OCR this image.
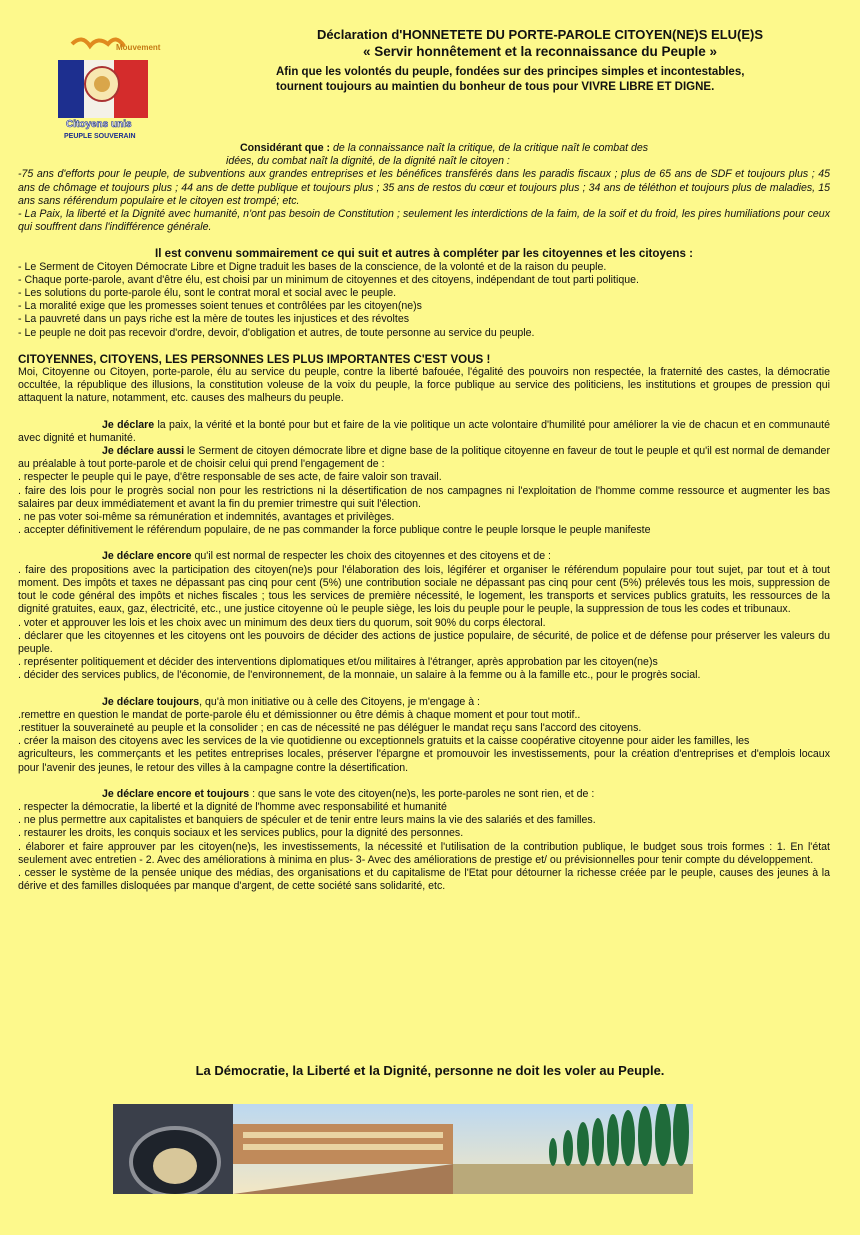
Mouvement
Citoyens unis
PEUPLE SOUVERAIN
Déclaration d'HONNETETE DU PORTE-PAROLE CITOYEN(NE)S ELU(E)S
« Servir honnêtement et la reconnaissance du Peuple »
Afin que les volontés du peuple, fondées sur des principes simples et incontestables,
tournent toujours au maintien du bonheur de tous pour VIVRE LIBRE ET DIGNE.

Considérant que : de la connaissance naît la critique, de la critique naît le combat des

idées, du combat naît la dignité, de la dignité naît le citoyen :

-75 ans d'efforts pour le peuple, de subventions aux grandes entreprises et les bénéfices transférés dans les paradis fiscaux ; plus de 65 ans de SDF et toujours plus ; 45 ans de chômage et toujours plus ; 44 ans de dette publique et toujours plus ; 35 ans de restos du cœur et toujours plus ; 34 ans de téléthon et toujours plus de maladies, 15 ans sans référendum populaire et le citoyen est trompé; etc.

- La Paix, la liberté et la Dignité avec humanité, n'ont pas besoin de Constitution ; seulement les interdictions de la faim, de la soif et du froid, les pires humiliations pour ceux qui souffrent dans l'indifférence générale.

Il est convenu sommairement ce qui suit et autres à compléter par les citoyennes et les citoyens :

- Le Serment de Citoyen Démocrate Libre et Digne traduit les bases de la conscience, de la volonté et de la raison du peuple.

- Chaque porte-parole, avant d'être élu, est choisi par un minimum de citoyennes et des citoyens, indépendant de tout parti politique.

- Les solutions du porte-parole élu, sont le contrat moral et social avec le peuple.

- La moralité exige que les promesses soient tenues et contrôlées par les citoyen(ne)s

- La pauvreté dans un pays riche est la mère de toutes les injustices et des révoltes

- Le peuple ne doit pas recevoir d'ordre, devoir, d'obligation et autres, de toute personne au service du peuple.

CITOYENNES, CITOYENS, LES PERSONNES LES PLUS IMPORTANTES C'EST VOUS !

Moi, Citoyenne ou Citoyen, porte-parole, élu au service du peuple, contre la liberté bafouée, l'égalité des pouvoirs non respectée, la fraternité des castes, la démocratie occultée, la république des illusions, la constitution voleuse de la voix du peuple, la force publique au service des politiciens, les institutions et groupes de pression qui attaquent la nature, notamment, etc. causes des malheurs du peuple.

Je déclare la paix, la vérité et la bonté pour but et faire de la vie politique un acte volontaire d'humilité pour améliorer la vie de chacun et en communauté avec dignité et humanité.

Je déclare aussi le Serment de citoyen démocrate libre et digne base de la politique citoyenne en faveur de tout le peuple et qu'il est normal de demander au préalable à tout porte-parole et de choisir celui qui prend l'engagement de :

. respecter le peuple qui le paye, d'être responsable de ses acte, de faire valoir son travail.

. faire des lois pour le progrès social non pour les restrictions ni la désertification de nos campagnes ni l'exploitation de l'homme comme ressource et augmenter les bas salaires par deux immédiatement et avant la fin du premier trimestre qui suit l'élection.

. ne pas voter soi-même sa rémunération et indemnités, avantages et privilèges.

. accepter définitivement le référendum populaire, de ne pas commander la force publique contre le peuple lorsque le peuple manifeste

Je déclare encore qu'il est normal de respecter les choix des citoyennes et des citoyens et de :

. faire des propositions avec la participation des citoyen(ne)s pour l'élaboration des lois, légiférer et organiser le référendum populaire pour tout sujet, par tout et à tout moment. Des impôts et taxes ne dépassant pas cinq pour cent (5%) une contribution sociale ne dépassant pas cinq pour cent (5%) prélevés tous les mois, suppression de tout le code général des impôts et niches fiscales ; tous les services de première nécessité, le logement, les transports et services publics gratuits, les ressources de la dignité gratuites, eaux, gaz, électricité, etc., une justice citoyenne où le peuple siège, les lois du peuple pour le peuple, la suppression de tous les codes et tribunaux.

. voter et approuver les lois et les choix avec un minimum des deux tiers du quorum, soit 90% du corps électoral.

. déclarer que les citoyennes et les citoyens ont les pouvoirs de décider des actions de justice populaire, de sécurité, de police et de défense pour préserver les valeurs du peuple.

. représenter politiquement et décider des interventions diplomatiques et/ou militaires à l'étranger, après approbation par les citoyen(ne)s

. décider des services publics, de l'économie, de l'environnement, de la monnaie, un salaire à la femme ou à la famille etc., pour le progrès social.

Je déclare toujours, qu'à mon initiative ou à celle des Citoyens, je m'engage à :

.remettre en question le mandat de porte-parole élu et démissionner ou être démis à chaque moment et pour tout motif..

.restituer la souveraineté au peuple et la consolider ; en cas de nécessité ne pas déléguer le mandat reçu sans l'accord des citoyens.

. créer la maison des citoyens avec les services de la vie quotidienne ou exceptionnels gratuits et la caisse coopérative citoyenne pour aider les familles, les

agriculteurs, les commerçants et les petites entreprises locales, préserver l'épargne et promouvoir les investissements, pour la création d'entreprises et d'emplois locaux pour l'avenir des jeunes, le retour des villes à la campagne contre la désertification.

Je déclare encore et toujours : que sans le vote des citoyen(ne)s, les porte-paroles ne sont rien, et de :

. respecter la démocratie, la liberté et la dignité de l'homme avec responsabilité et humanité

. ne plus permettre aux capitalistes et banquiers de spéculer et de tenir entre leurs mains la vie des salariés et des familles.

. restaurer les droits, les conquis sociaux et les services publics, pour la dignité des personnes.

. élaborer et faire approuver par les citoyen(ne)s, les investissements, la nécessité et l'utilisation de la contribution publique, le budget sous trois formes : 1. En l'état seulement avec entretien - 2. Avec des améliorations à minima en plus- 3- Avec des améliorations de prestige et/ ou prévisionnelles pour tenir compte du développement.

. cesser le système de la pensée unique des médias, des organisations et du capitalisme de l'Etat pour détourner la richesse créée par le peuple, causes des jeunes à la dérive et des familles disloquées par manque d'argent, de cette société sans solidarité, etc.

La Démocratie, la Liberté et la Dignité, personne ne doit les voler au Peuple.
